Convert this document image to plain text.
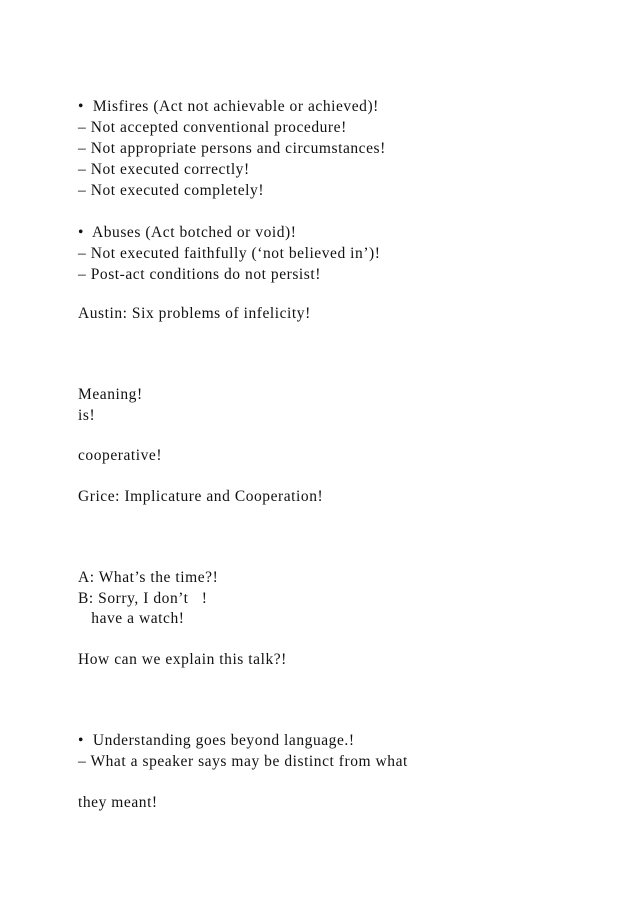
•  Misfires (Act not achievable or achieved)!
– Not accepted conventional procedure!
– Not appropriate persons and circumstances!
– Not executed correctly!
– Not executed completely!
•  Abuses (Act botched or void)!
– Not executed faithfully (‘not believed in’)!
– Post-act conditions do not persist!
Austin: Six problems of infelicity!
Meaning!
is!
cooperative!
Grice: Implicature and Cooperation!
A: What’s the time?!
B: Sorry, I don’t   !
have a watch!
How can we explain this talk?!
•  Understanding goes beyond language.!
– What a speaker says may be distinct from what
they meant!
